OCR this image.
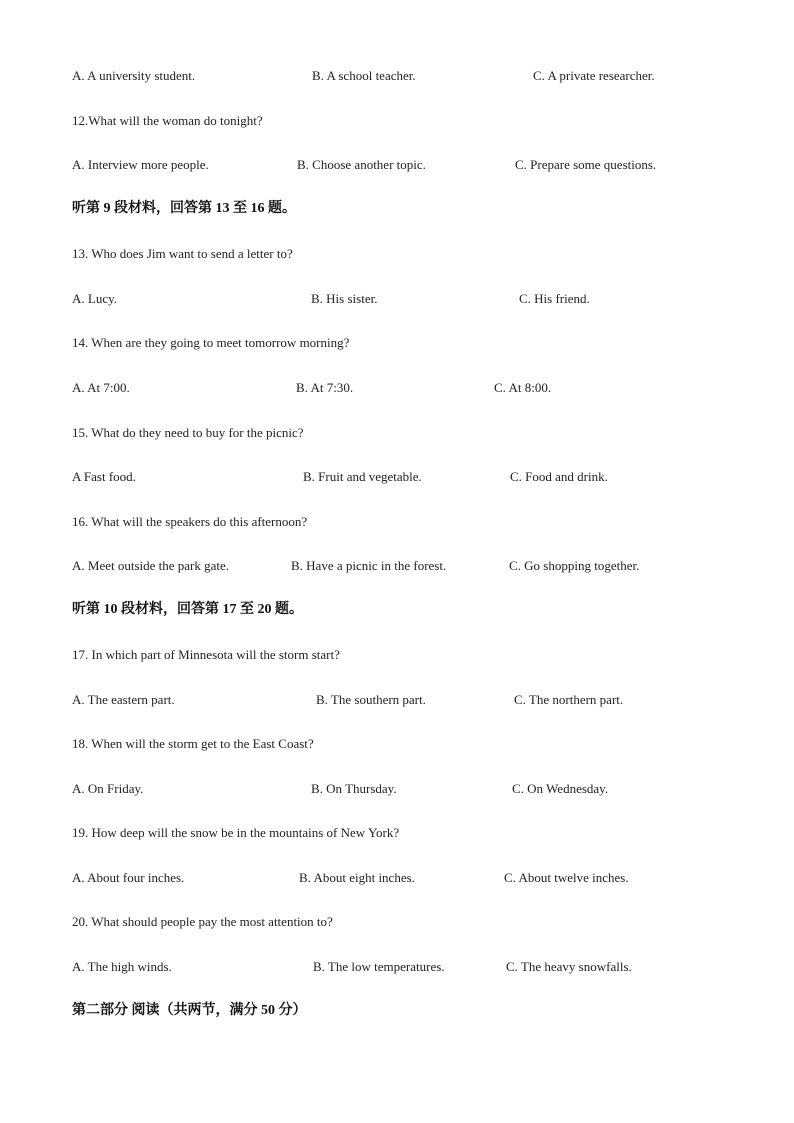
A. A university student.	B. A school teacher.	C. A private researcher.
12.What will the woman do tonight?
A. Interview more people.	B. Choose another topic.	C. Prepare some questions.
听第 9 段材料，回答第 13 至 16 题。
13. Who does Jim want to send a letter to?
A. Lucy.	B. His sister.	C. His friend.
14. When are they going to meet tomorrow morning?
A. At 7:00.	B. At 7:30.	C. At 8:00.
15. What do they need to buy for the picnic?
A Fast food.	B. Fruit and vegetable.	C. Food and drink.
16. What will the speakers do this afternoon?
A. Meet outside the park gate.	B. Have a picnic in the forest.	C. Go shopping together.
听第 10 段材料，回答第 17 至 20 题。
17. In which part of Minnesota will the storm start?
A. The eastern part.	B. The southern part.	C. The northern part.
18. When will the storm get to the East Coast?
A. On Friday.	B. On Thursday.	C. On Wednesday.
19. How deep will the snow be in the mountains of New York?
A. About four inches.	B. About eight inches.	C. About twelve inches.
20. What should people pay the most attention to?
A. The high winds.	B. The low temperatures.	C. The heavy snowfalls.
第二部分 阅读（共两节，满分 50 分）
